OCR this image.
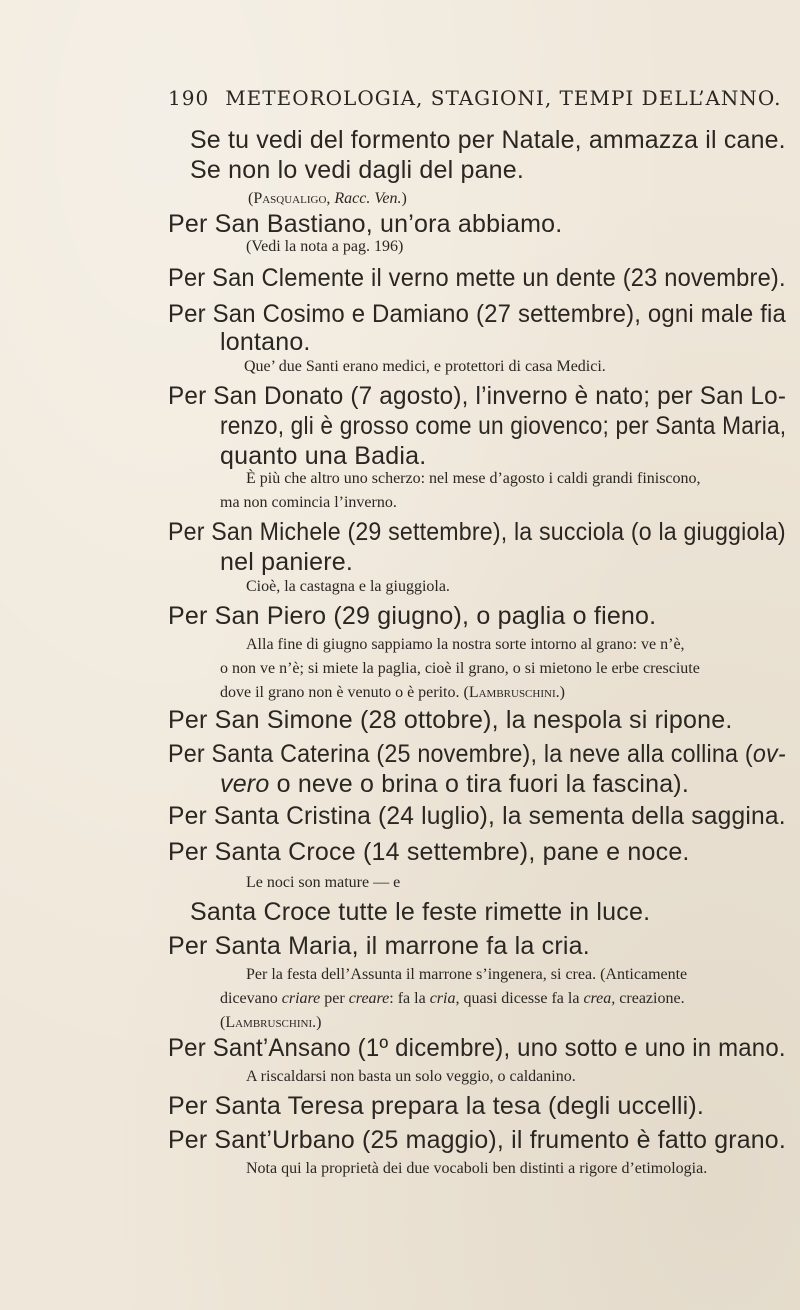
190 METEOROLOGIA, STAGIONI, TEMPI DELL’ANNO.
Se tu vedi del formento per Natale, ammazza il cane.
Se non lo vedi dagli del pane.
(Pasqualigo, Racc. Ven.)
Per San Bastiano, un’ora abbiamo.
(Vedi la nota a pag. 196)
Per San Clemente il verno mette un dente (23 novembre).
Per San Cosimo e Damiano (27 settembre), ogni male fia
lontano.
Que’ due Santi erano medici, e protettori di casa Medici.
Per San Donato (7 agosto), l’inverno è nato; per San Lo-
renzo, gli è grosso come un giovenco; per Santa Maria,
quanto una Badia.
È più che altro uno scherzo: nel mese d’agosto i caldi grandi finiscono,
ma non comincia l’inverno.
Per San Michele (29 settembre), la succiola (o la giuggiola)
nel paniere.
Cioè, la castagna e la giuggiola.
Per San Piero (29 giugno), o paglia o fieno.
Alla fine di giugno sappiamo la nostra sorte intorno al grano: ve n’è,
o non ve n’è; si miete la paglia, cioè il grano, o si mietono le erbe cresciute
dove il grano non è venuto o è perito. (Lambruschini.)
Per San Simone (28 ottobre), la nespola si ripone.
Per Santa Caterina (25 novembre), la neve alla collina (ov-
vero o neve o brina o tira fuori la fascina).
Per Santa Cristina (24 luglio), la sementa della saggina.
Per Santa Croce (14 settembre), pane e noce.
Le noci son mature — e
Santa Croce tutte le feste rimette in luce.
Per Santa Maria, il marrone fa la cria.
Per la festa dell’Assunta il marrone s’ingenera, si crea. (Anticamente
dicevano criare per creare: fa la cria, quasi dicesse fa la crea, creazione.
(Lambruschini.)
Per Sant’Ansano (1º dicembre), uno sotto e uno in mano.
A riscaldarsi non basta un solo veggio, o caldanino.
Per Santa Teresa prepara la tesa (degli uccelli).
Per Sant’Urbano (25 maggio), il frumento è fatto grano.
Nota qui la proprietà dei due vocaboli ben distinti a rigore d’etimologia.
